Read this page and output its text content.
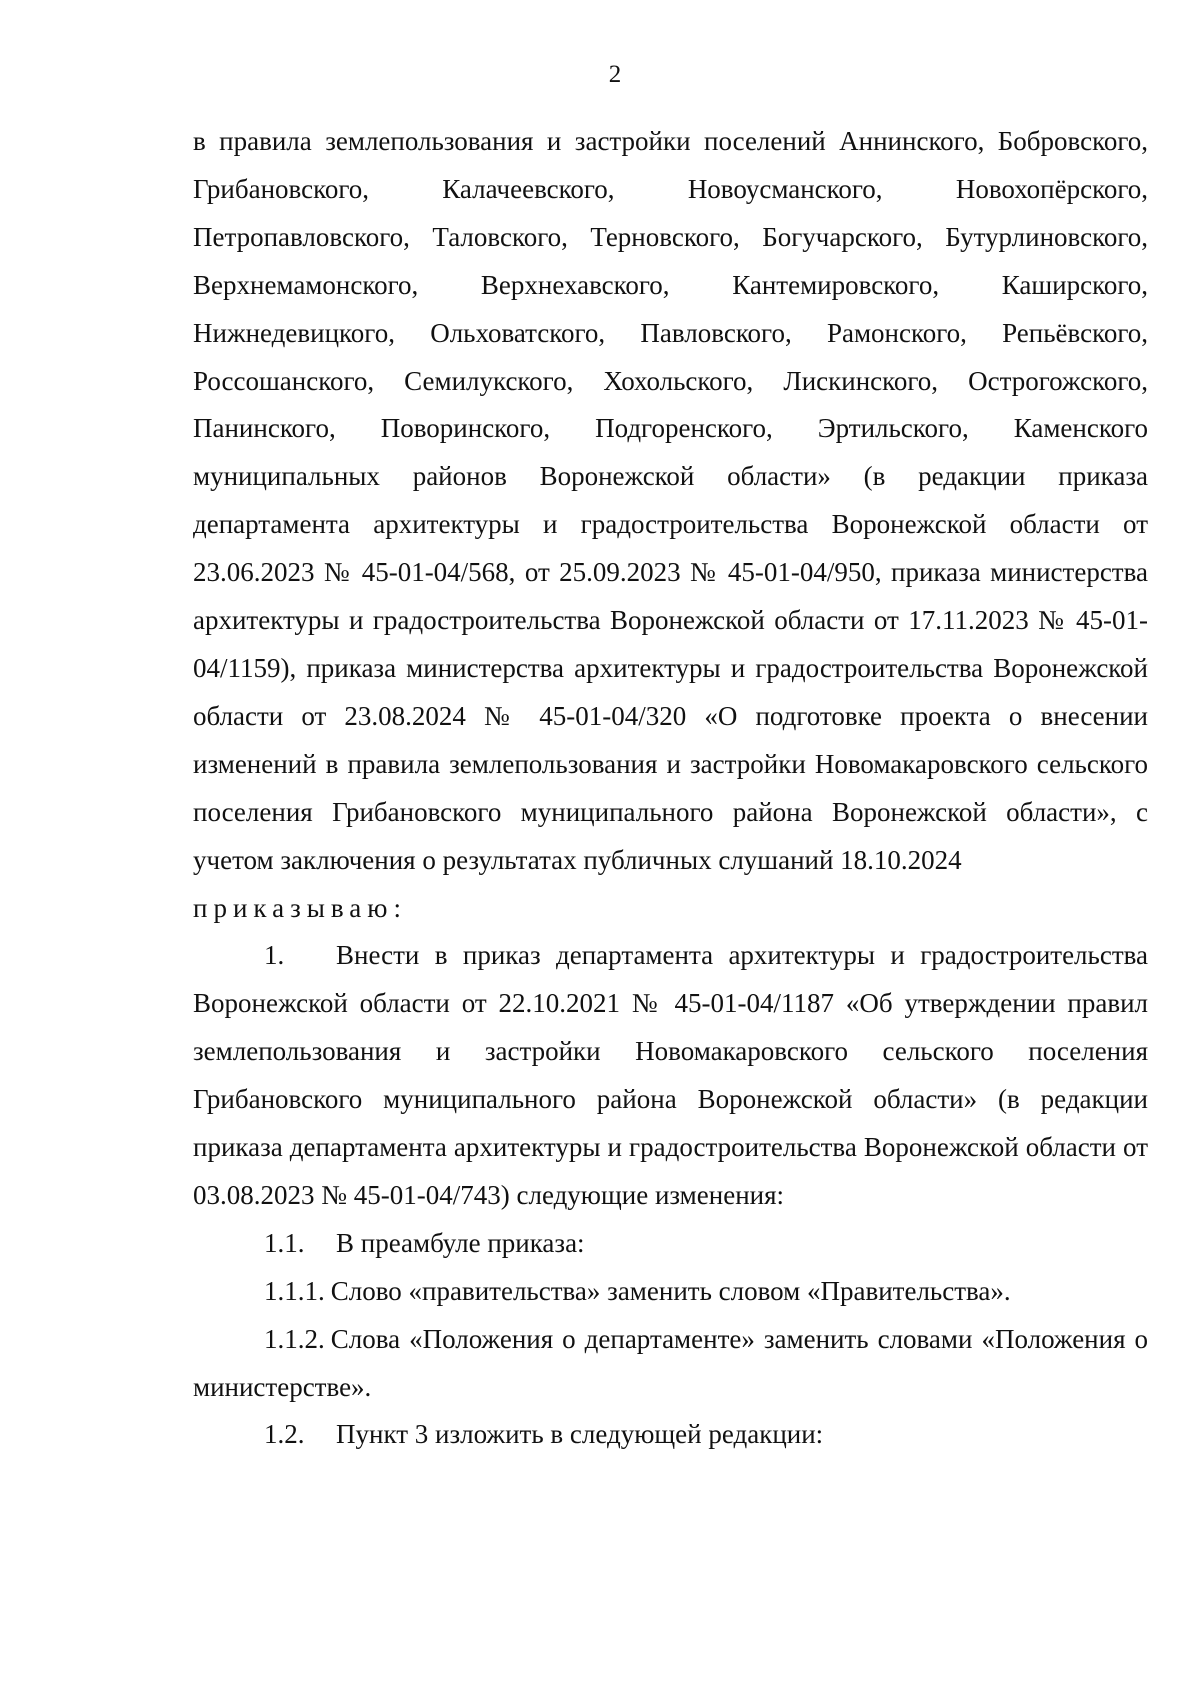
2

в правила землепользования и застройки поселений Аннинского, Бобровского, Грибановского, Калачеевского, Новоусманского, Новохопёрского, Петропавловского, Таловского, Терновского, Богучарского, Бутурлиновского, Верхнемамонского, Верхнехавского, Кантемировского, Каширского, Нижнедевицкого, Ольховатского, Павловского, Рамонского, Репьёвского, Россошанского, Семилукского, Хохольского, Лискинского, Острогожского, Панинского, Поворинского, Подгоренского, Эртильского, Каменского муниципальных районов Воронежской области» (в редакции приказа департамента архитектуры и градостроительства Воронежской области от 23.06.2023 № 45-01-04/568, от 25.09.2023 № 45-01-04/950, приказа министерства архитектуры и градостроительства Воронежской области от 17.11.2023 № 45-01-04/1159), приказа министерства архитектуры и градостроительства Воронежской области от 23.08.2024 № 45-01-04/320 «О подготовке проекта о внесении изменений в правила землепользования и застройки Новомакаровского сельского поселения Грибановского муниципального района Воронежской области», с учетом заключения о результатах публичных слушаний 18.10.2024

приказываю:

1. Внести в приказ департамента архитектуры и градостроительства Воронежской области от 22.10.2021 № 45-01-04/1187 «Об утверждении правил землепользования и застройки Новомакаровского сельского поселения Грибановского муниципального района Воронежской области» (в редакции приказа департамента архитектуры и градостроительства Воронежской области от 03.08.2023 № 45-01-04/743) следующие изменения:

1.1. В преамбуле приказа:

1.1.1. Слово «правительства» заменить словом «Правительства».

1.1.2. Слова «Положения о департаменте» заменить словами «Положения о министерстве».

1.2. Пункт 3 изложить в следующей редакции:
